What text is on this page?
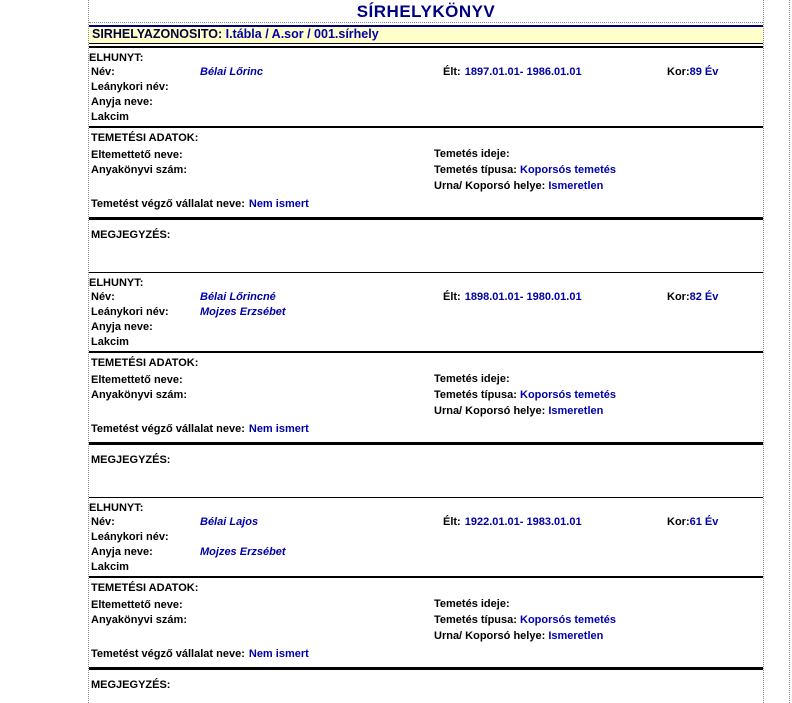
SÍRHELYKÖNYV
SIRHELYAZONOSITO: I.tábla / A.sor / 001.sírhely
ELHUNYT:
Név:	Bélai Lőrinc	Élt: 1897.01.01- 1986.01.01	Kor:89 Év
Leánykori név:
Anyja neve:
Lakcim
TEMETÉSI ADATOK:
Eltemettető neve:
Anyakönyvi szám:
Temetés ideje:
Temetés típusa: Koporsós temetés
Urna/ Koporsó helye: Ismeretlen
Temetést végző vállalat neve: Nem ismert
MEGJEGYZÉS:
ELHUNYT:
Név:	Bélai Lőrincné	Élt: 1898.01.01- 1980.01.01	Kor:82 Év
Leánykori név:	Mojzes Erzsébet
Anyja neve:
Lakcim
TEMETÉSI ADATOK:
Eltemettető neve:
Anyakönyvi szám:
Temetés ideje:
Temetés típusa: Koporsós temetés
Urna/ Koporsó helye: Ismeretlen
Temetést végző vállalat neve: Nem ismert
MEGJEGYZÉS:
ELHUNYT:
Név:	Bélai Lajos	Élt: 1922.01.01- 1983.01.01	Kor:61 Év
Leánykori név:
Anyja neve:	Mojzes Erzsébet
Lakcim
TEMETÉSI ADATOK:
Eltemettető neve:
Anyakönyvi szám:
Temetés ideje:
Temetés típusa: Koporsós temetés
Urna/ Koporsó helye: Ismeretlen
Temetést végző vállalat neve: Nem ismert
MEGJEGYZÉS:
